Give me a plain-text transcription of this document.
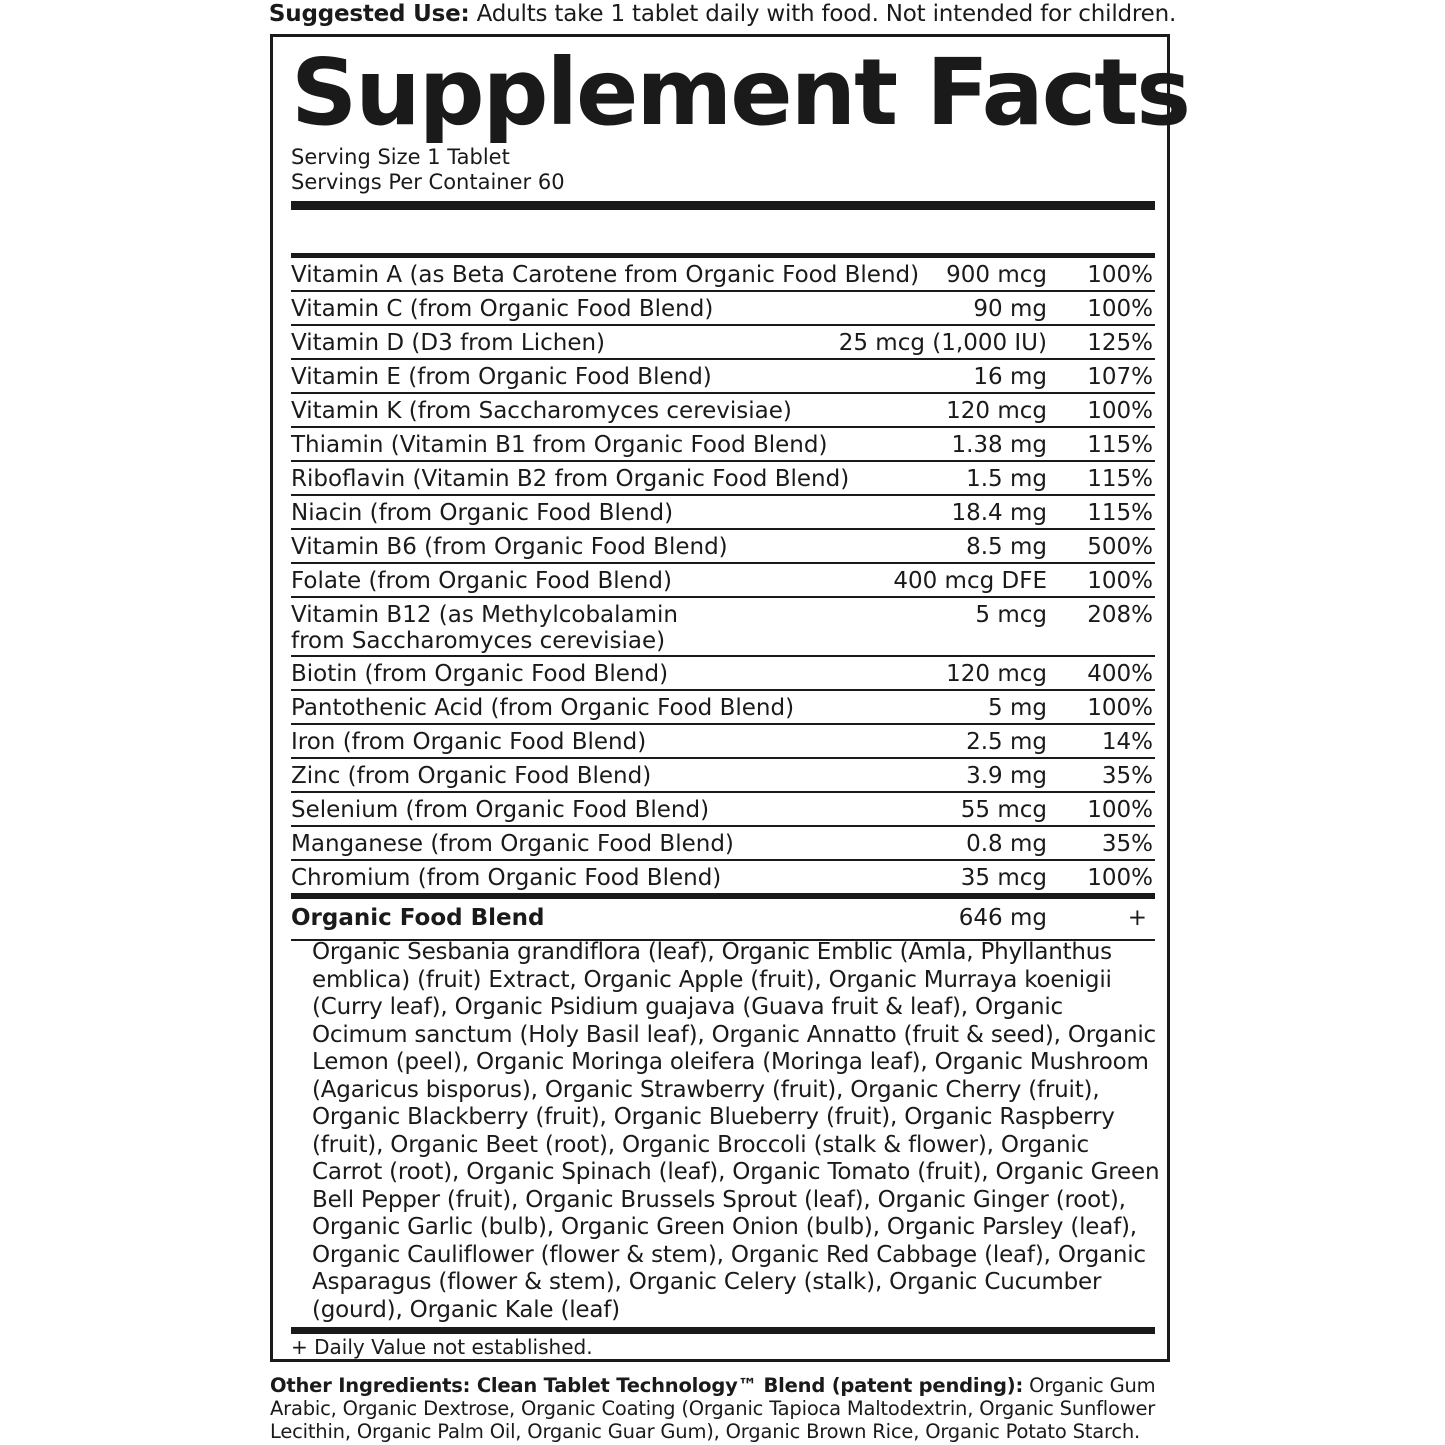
Suggested Use: Adults take 1 tablet daily with food. Not intended for children.
Supplement Facts
Serving Size 1 Tablet
Servings Per Container 60
Vitamin A (as Beta Carotene from Organic Food Blend) 900 mcg 100%
Vitamin C (from Organic Food Blend)	90 mg 100%
Vitamin D (D3 from Lichen)	25 mcg (1,000 IU) 125%
Vitamin E (from Organic Food Blend)	16 mg 107%
Vitamin K (from Saccharomyces cerevisiae)	120 mcg 100%
Thiamin (Vitamin B1 from Organic Food Blend)	1.38 mg 115%
Riboflavin (Vitamin B2 from Organic Food Blend)	1.5 mg 115%
Niacin (from Organic Food Blend)	18.4 mg 115%
Vitamin B6 (from Organic Food Blend)	8.5 mg 500%
Folate (from Organic Food Blend)	400 mcg DFE 100%
Vitamin B12 (as Methylcobalamin
from Saccharomyces cerevisiae)
5 mcg 208%
Biotin (from Organic Food Blend)	120 mcg 400%
Pantothenic Acid (from Organic Food Blend)	5 mg 100%
Iron (from Organic Food Blend)	2.5 mg 14%
Zinc (from Organic Food Blend)	3.9 mg 35%
Selenium (from Organic Food Blend)	55 mcg 100%
Manganese (from Organic Food Blend)	0.8 mg 35%
Chromium (from Organic Food Blend)	35 mcg 100%
Organic Food Blend	646 mg	+
Organic Sesbania grandiflora (leaf), Organic Emblic (Amla, Phyllanthus emblica) (fruit) Extract, Organic Apple (fruit), Organic Murraya koenigii (Curry leaf), Organic Psidium guajava (Guava fruit & leaf), Organic Ocimum sanctum (Holy Basil leaf), Organic Annatto (fruit & seed), Organic Lemon (peel), Organic Moringa oleifera (Moringa leaf), Organic Mushroom (Agaricus bisporus), Organic Strawberry (fruit), Organic Cherry (fruit), Organic Blackberry (fruit), Organic Blueberry (fruit), Organic Raspberry (fruit), Organic Beet (root), Organic Broccoli (stalk & flower), Organic Carrot (root), Organic Spinach (leaf), Organic Tomato (fruit), Organic Green Bell Pepper (fruit), Organic Brussels Sprout (leaf), Organic Ginger (root), Organic Garlic (bulb), Organic Green Onion (bulb), Organic Parsley (leaf), Organic Cauliflower (flower & stem), Organic Red Cabbage (leaf), Organic Asparagus (flower & stem), Organic Celery (stalk), Organic Cucumber (gourd), Organic Kale (leaf)
+ Daily Value not established.
Other Ingredients: Clean Tablet Technology™ Blend (patent pending): Organic Gum Arabic, Organic Dextrose, Organic Coating (Organic Tapioca Maltodextrin, Organic Sunflower Lecithin, Organic Palm Oil, Organic Guar Gum), Organic Brown Rice, Organic Potato Starch.
